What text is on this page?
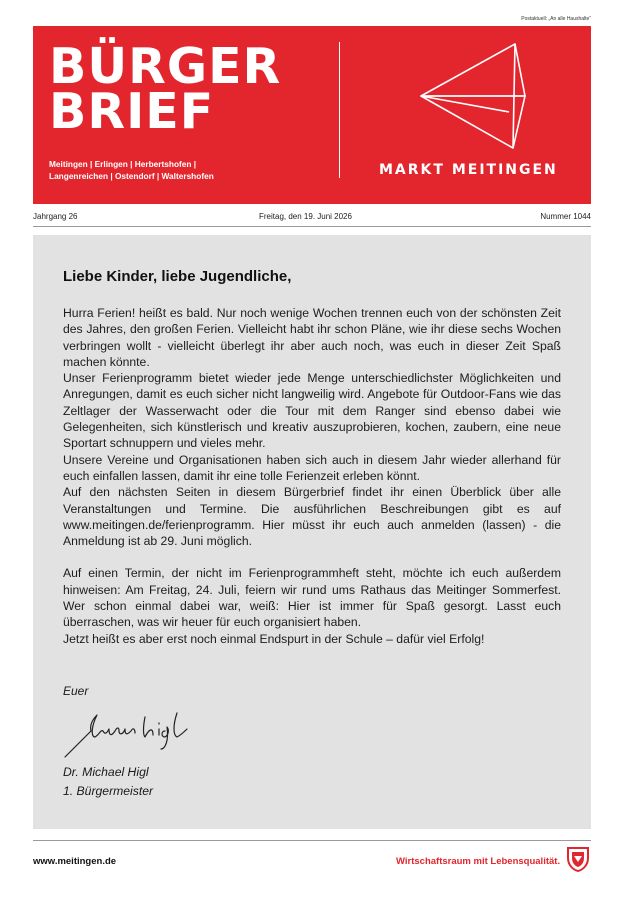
Postaktuell: „An alle Haushalte“
BÜRGER
BRIEF
Meitingen | Erlingen | Herbertshofen |
Langenreichen | Ostendorf | Waltershofen	MARKT MEITINGEN
Jahrgang 26	Freitag, den 19. Juni 2026	Nummer 1044
Liebe Kinder, liebe Jugendliche,

Hurra Ferien! heißt es bald. Nur noch wenige Wochen trennen euch von der schönsten Zeit des Jahres, den großen Ferien. Vielleicht habt ihr schon Pläne, wie ihr diese sechs Wochen verbringen wollt - vielleicht überlegt ihr aber auch noch, was euch in dieser Zeit Spaß machen könnte.

Unser Ferienprogramm bietet wieder jede Menge unterschiedlichster Möglichkeiten und Anregungen, damit es euch sicher nicht langweilig wird. Angebote für Outdoor-Fans wie das Zeltlager der Wasserwacht oder die Tour mit dem Ranger sind ebenso dabei wie Gelegenheiten, sich künstlerisch und kreativ auszuprobieren, kochen, zaubern, eine neue Sportart schnuppern und vieles mehr.

Unsere Vereine und Organisationen haben sich auch in diesem Jahr wieder allerhand für euch einfallen lassen, damit ihr eine tolle Ferienzeit erleben könnt.

Auf den nächsten Seiten in diesem Bürgerbrief findet ihr einen Überblick über alle Veranstaltungen und Termine. Die ausführlichen Beschreibungen gibt es auf www.meitingen.de/ferienprogramm. Hier müsst ihr euch auch anmelden (lassen) - die Anmeldung ist ab 29. Juni möglich.

Auf einen Termin, der nicht im Ferienprogrammheft steht, möchte ich euch außerdem hinweisen: Am Freitag, 24. Juli, feiern wir rund ums Rathaus das Meitinger Sommerfest. Wer schon einmal dabei war, weiß: Hier ist immer für Spaß gesorgt. Lasst euch überraschen, was wir heuer für euch organisiert haben.

Jetzt heißt es aber erst noch einmal Endspurt in der Schule – dafür viel Erfolg!

Euer
Dr. Michael Higl
1. Bürgermeister
www.meitingen.de	Wirtschaftsraum mit Lebensqualität.
